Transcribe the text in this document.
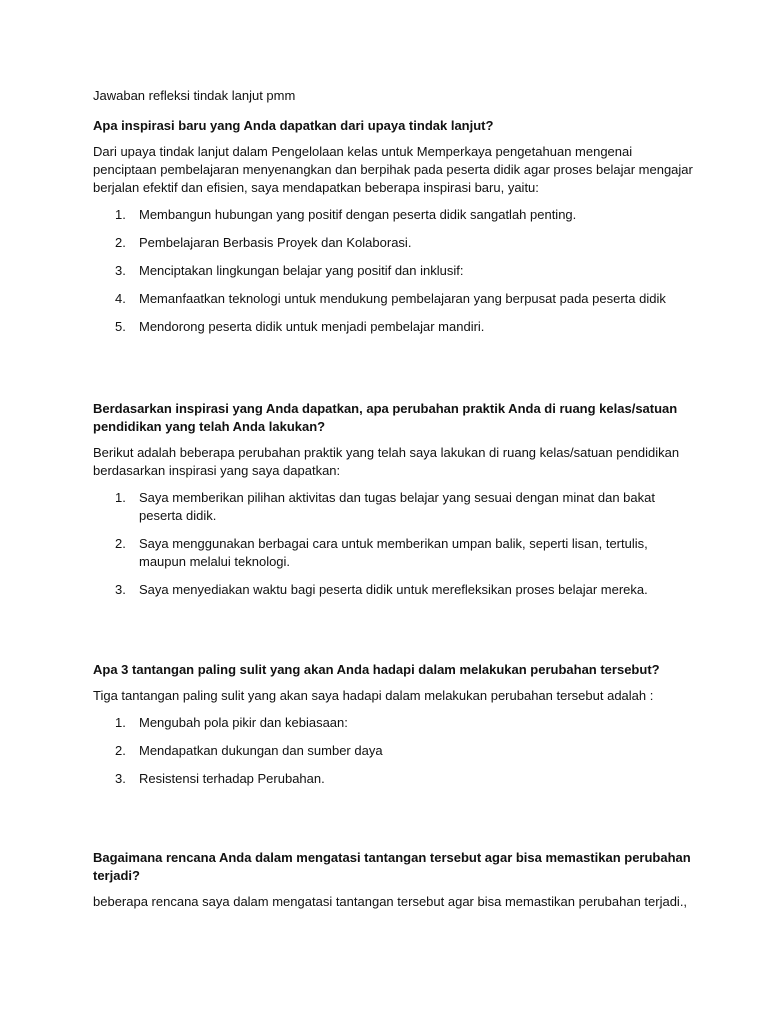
Jawaban refleksi tindak lanjut pmm
Apa inspirasi baru yang Anda dapatkan dari upaya tindak lanjut?
Dari upaya tindak lanjut dalam Pengelolaan kelas untuk Memperkaya pengetahuan mengenai penciptaan pembelajaran menyenangkan dan berpihak pada peserta didik agar proses belajar mengajar berjalan efektif dan efisien, saya mendapatkan beberapa inspirasi baru, yaitu:
1. Membangun hubungan yang positif dengan peserta didik sangatlah penting.
2. Pembelajaran Berbasis Proyek dan Kolaborasi.
3. Menciptakan lingkungan belajar yang positif dan inklusif:
4. Memanfaatkan teknologi untuk mendukung pembelajaran yang berpusat pada peserta didik
5. Mendorong peserta didik untuk menjadi pembelajar mandiri.
Berdasarkan inspirasi yang Anda dapatkan, apa perubahan praktik Anda di ruang kelas/satuan pendidikan yang telah Anda lakukan?
Berikut adalah beberapa perubahan praktik yang telah saya lakukan di ruang kelas/satuan pendidikan berdasarkan inspirasi yang saya dapatkan:
1. Saya memberikan pilihan aktivitas dan tugas belajar yang sesuai dengan minat dan bakat peserta didik.
2. Saya menggunakan berbagai cara untuk memberikan umpan balik, seperti lisan, tertulis, maupun melalui teknologi.
3. Saya menyediakan waktu bagi peserta didik untuk merefleksikan proses belajar mereka.
Apa 3 tantangan paling sulit yang akan Anda hadapi dalam melakukan perubahan tersebut?
Tiga tantangan paling sulit yang akan saya hadapi dalam melakukan perubahan tersebut adalah :
1. Mengubah pola pikir dan kebiasaan:
2. Mendapatkan dukungan dan sumber daya
3. Resistensi terhadap Perubahan.
Bagaimana rencana Anda dalam mengatasi tantangan tersebut agar bisa memastikan perubahan terjadi?
beberapa rencana saya dalam mengatasi tantangan tersebut agar bisa memastikan perubahan terjadi.,
